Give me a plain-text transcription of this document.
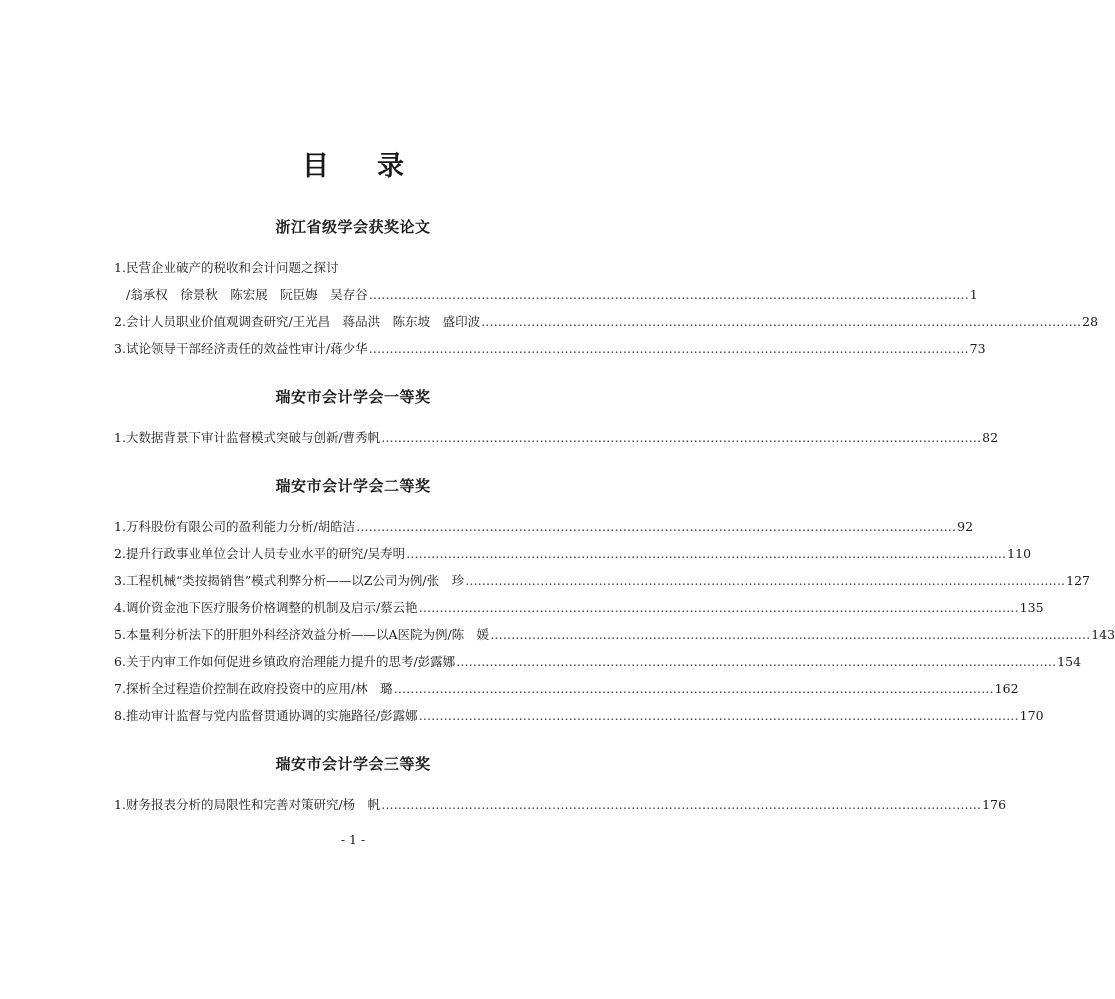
目录
浙江省级学会获奖论文
1. 民营企业破产的税收和会计问题之探讨
/翁承权　徐景秋　陈宏展　阮臣娒　吴存谷 ………………………………………………………………………………………………………………………………	1
2. 会计人员职业价值观调查研究 /王光昌　蒋品洪　陈东坡　盛印波 ………………………………………………………………………………………………………………………………	28
3. 试论领导干部经济责任的效益性审计 /蒋少华 ………………………………………………………………………………………………………………………………	73
瑞安市会计学会一等奖
1. 大数据背景下审计监督模式突破与创新 /曹秀帆 ………………………………………………………………………………………………………………………………	82
瑞安市会计学会二等奖
1. 万科股份有限公司的盈利能力分析 /胡皓洁 ………………………………………………………………………………………………………………………………	92
2. 提升行政事业单位会计人员专业水平的研究 /吴寿明 ………………………………………………………………………………………………………………………………	110
3. 工程机械“类按揭销售”模式利弊分析——以Z公司为例 /张　珍 ………………………………………………………………………………………………………………………………	127
4. 调价资金池下医疗服务价格调整的机制及启示 /蔡云艳 ………………………………………………………………………………………………………………………………	135
5. 本量利分析法下的肝胆外科经济效益分析——以A医院为例 /陈　媛 ………………………………………………………………………………………………………………………………	143
6. 关于内审工作如何促进乡镇政府治理能力提升的思考 /彭露娜 ………………………………………………………………………………………………………………………………	154
7. 探析全过程造价控制在政府投资中的应用 /林　璐 ………………………………………………………………………………………………………………………………	162
8. 推动审计监督与党内监督贯通协调的实施路径 /彭露娜 ………………………………………………………………………………………………………………………………	170
瑞安市会计学会三等奖
1. 财务报表分析的局限性和完善对策研究 /杨　帆 ………………………………………………………………………………………………………………………………	176
- 1 -
